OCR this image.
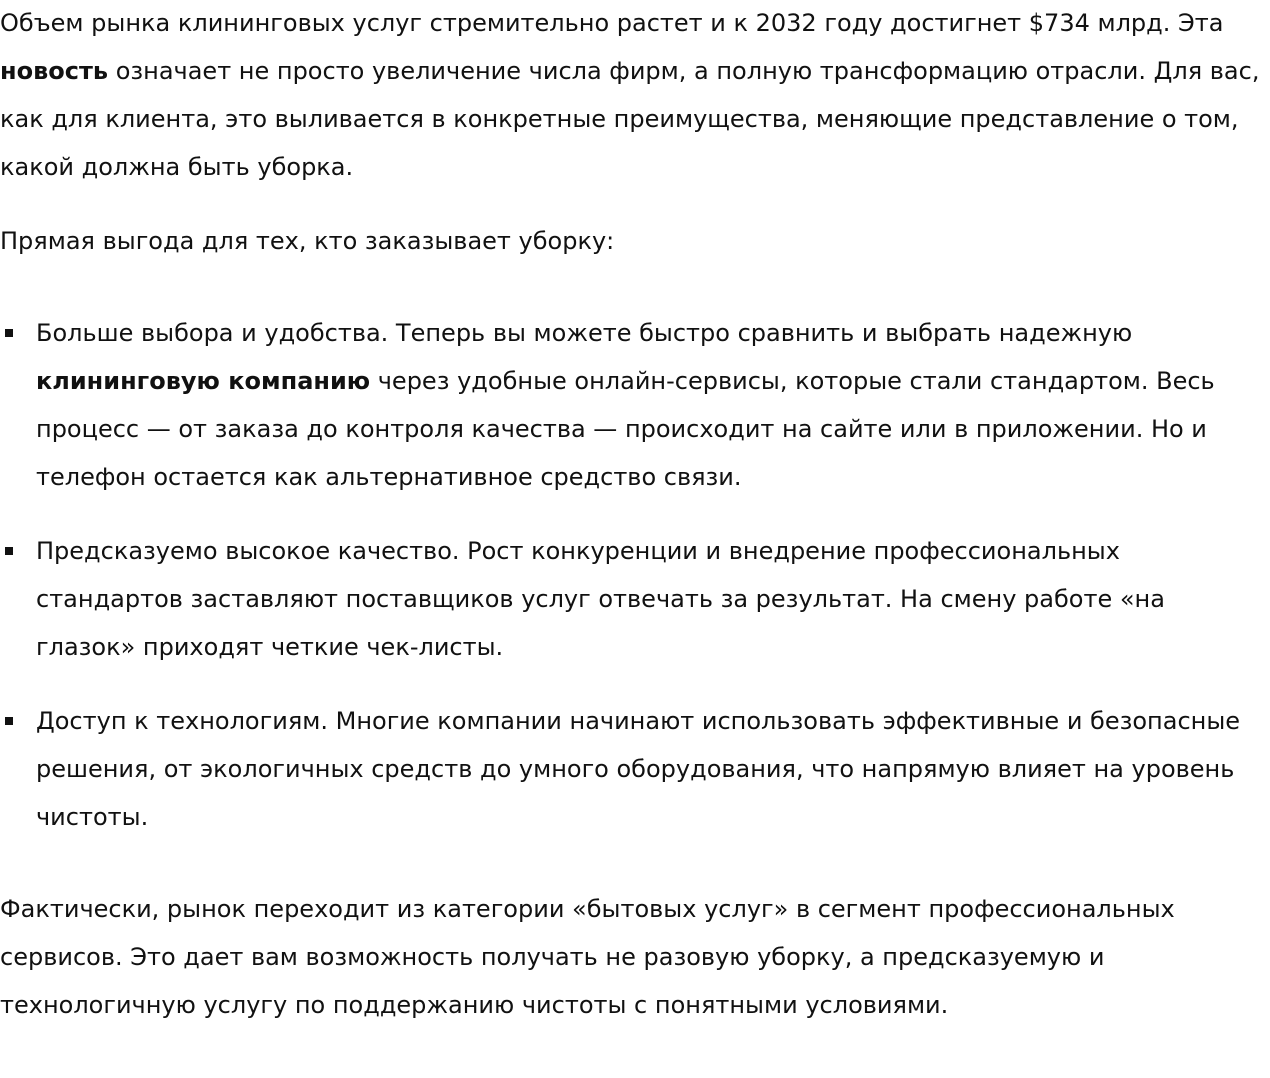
Объем рынка клининговых услуг стремительно растет и к 2032 году достигнет $734 млрд. Эта новость означает не просто увеличение числа фирм, а полную трансформацию отрасли. Для вас, как для клиента, это выливается в конкретные преимущества, меняющие представление о том, какой должна быть уборка.

Прямая выгода для тех, кто заказывает уборку:

Больше выбора и удобства. Теперь вы можете быстро сравнить и выбрать надежную клининговую компанию через удобные онлайн-сервисы, которые стали стандартом. Весь процесс — от заказа до контроля качества — происходит на сайте или в приложении. Но и телефон остается как альтернативное средство связи.
Предсказуемо высокое качество. Рост конкуренции и внедрение профессиональных стандартов заставляют поставщиков услуг отвечать за результат. На смену работе «на глазок» приходят четкие чек-листы.
Доступ к технологиям. Многие компании начинают использовать эффективные и безопасные решения, от экологичных средств до умного оборудования, что напрямую влияет на уровень чистоты.

Фактически, рынок переходит из категории «бытовых услуг» в сегмент профессиональных сервисов. Это дает вам возможность получать не разовую уборку, а предсказуемую и технологичную услугу по поддержанию чистоты с понятными условиями.
